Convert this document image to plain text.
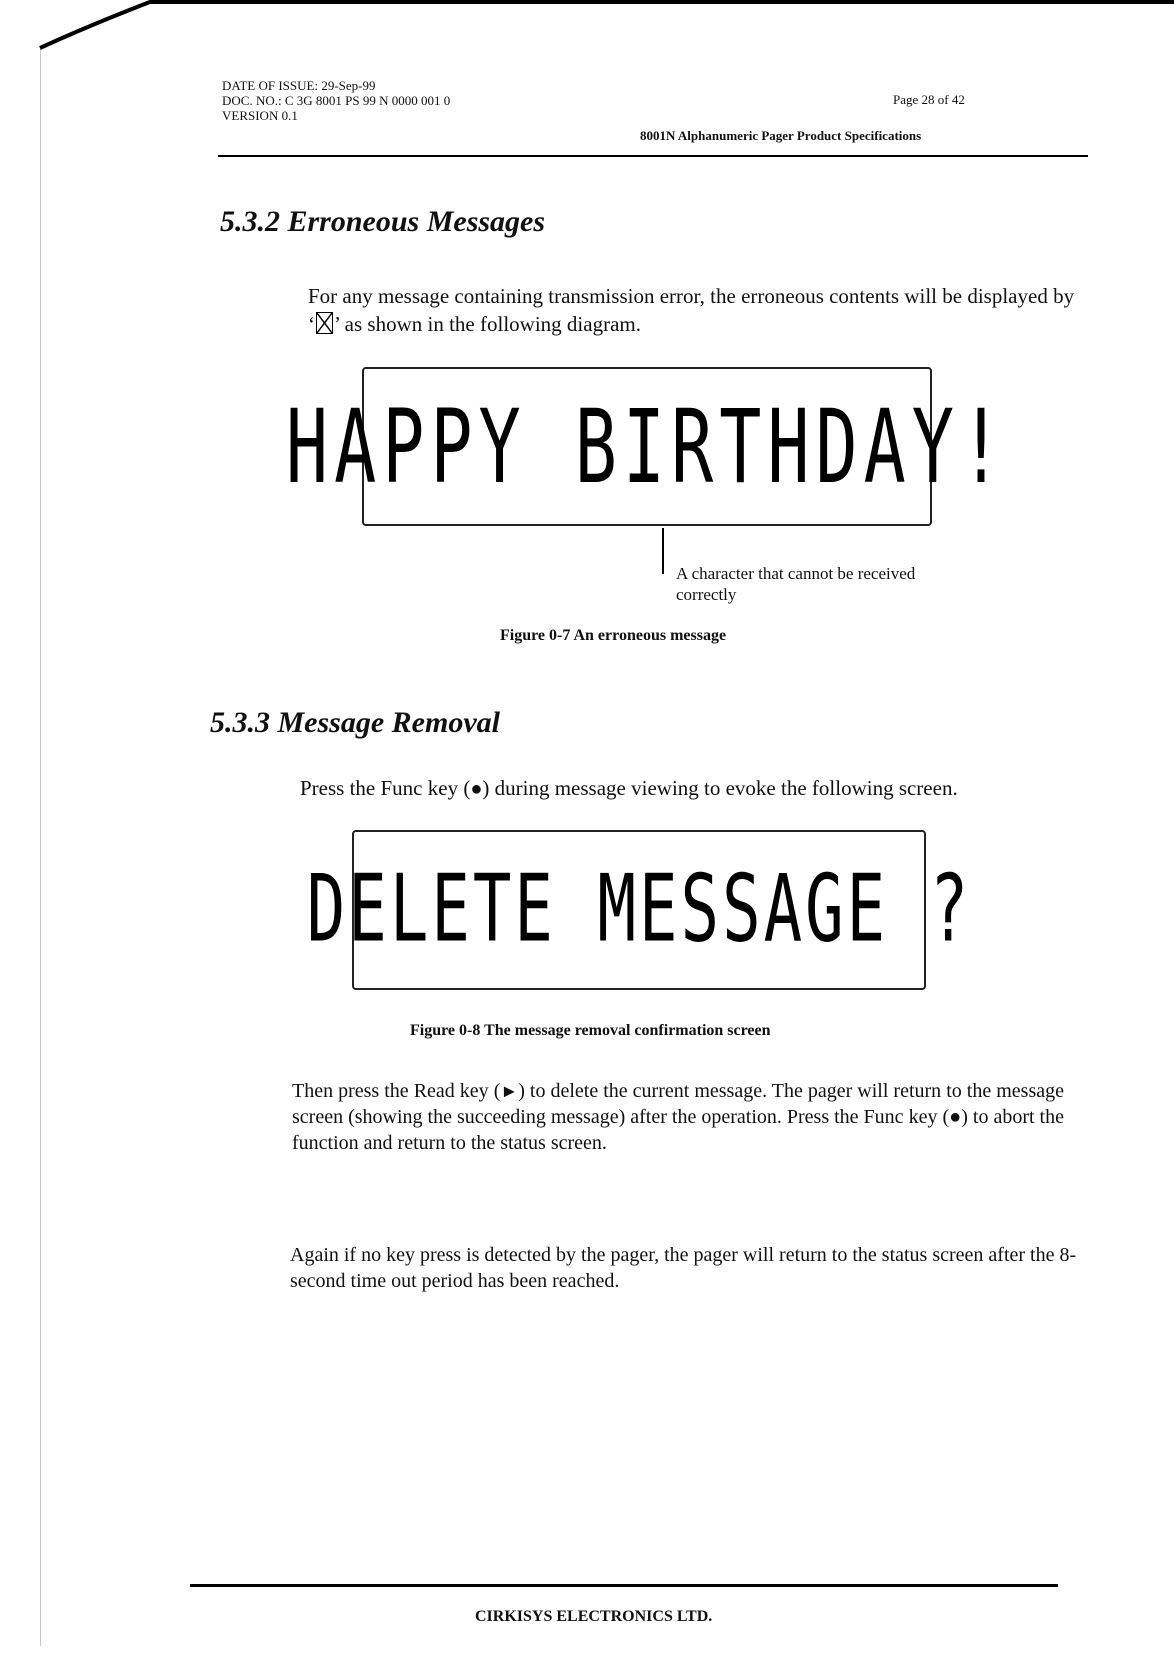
DATE OF ISSUE: 29-Sep-99
DOC. NO.: C 3G 8001 PS 99 N 0000 001 0
VERSION 0.1
Page 28 of 42
8001N Alphanumeric Pager Product Specifications
5.3.2 Erroneous Messages

For any message containing transmission error, the erroneous contents will be displayed by ‘ ’ as shown in the following diagram.

HAPPY BIRTHDAY!
A character that cannot be received correctly
Figure 0-7 An erroneous message
5.3.3 Message Removal

Press the Func key (●) during message viewing to evoke the following screen.

DELETE MESSAGE ?
Figure 0-8 The message removal confirmation screen

Then press the Read key (►) to delete the current message. The pager will return to the message screen (showing the succeeding message) after the operation. Press the Func key (●) to abort the function and return to the status screen.

Again if no key press is detected by the pager, the pager will return to the status screen after the 8-second time out period has been reached.

CIRKISYS ELECTRONICS LTD.
